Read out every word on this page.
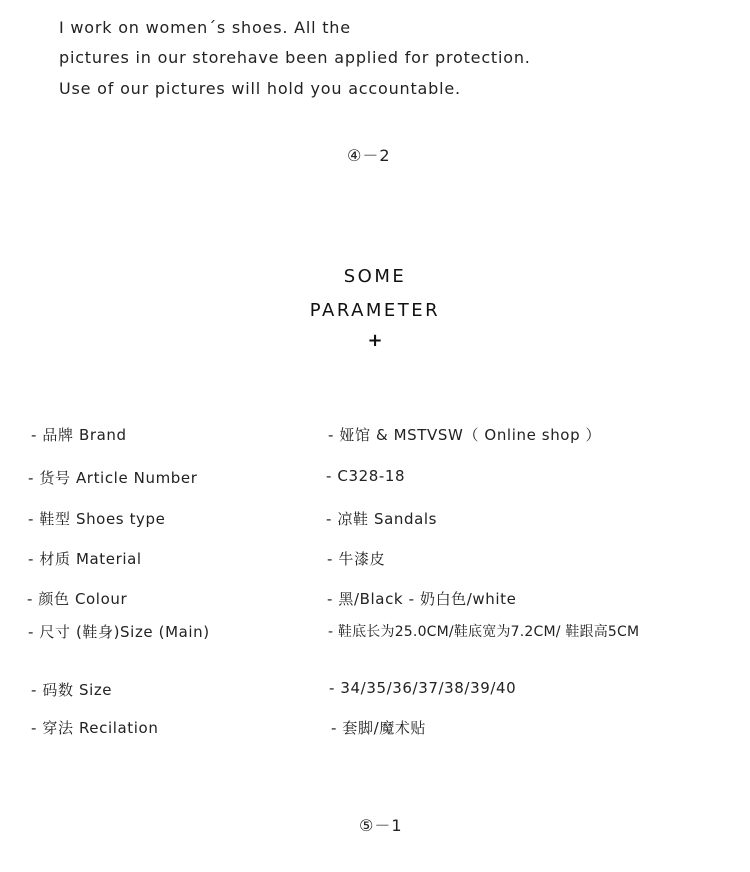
I work on women´s shoes. All the
pictures in our storehave been applied for protection.
Use of our pictures will hold you accountable.
④－2
SOME
PARAMETER
+
- 品牌 Brand	- 娅馆 & MSTVSW（ Online shop ）
- 货号 Article Number	- C328-18
- 鞋型 Shoes type	- 凉鞋 Sandals
- 材质 Material	- 牛漆皮
- 颜色 Colour	- 黑/Black - 奶白色/white
- 尺寸 (鞋身)Size (Main)	- 鞋底长为25.0CM/鞋底宽为7.2CM/ 鞋跟高5CM
- 码数 Size	- 34/35/36/37/38/39/40
- 穿法 Recilation	- 套脚/魔术贴
⑤－1
